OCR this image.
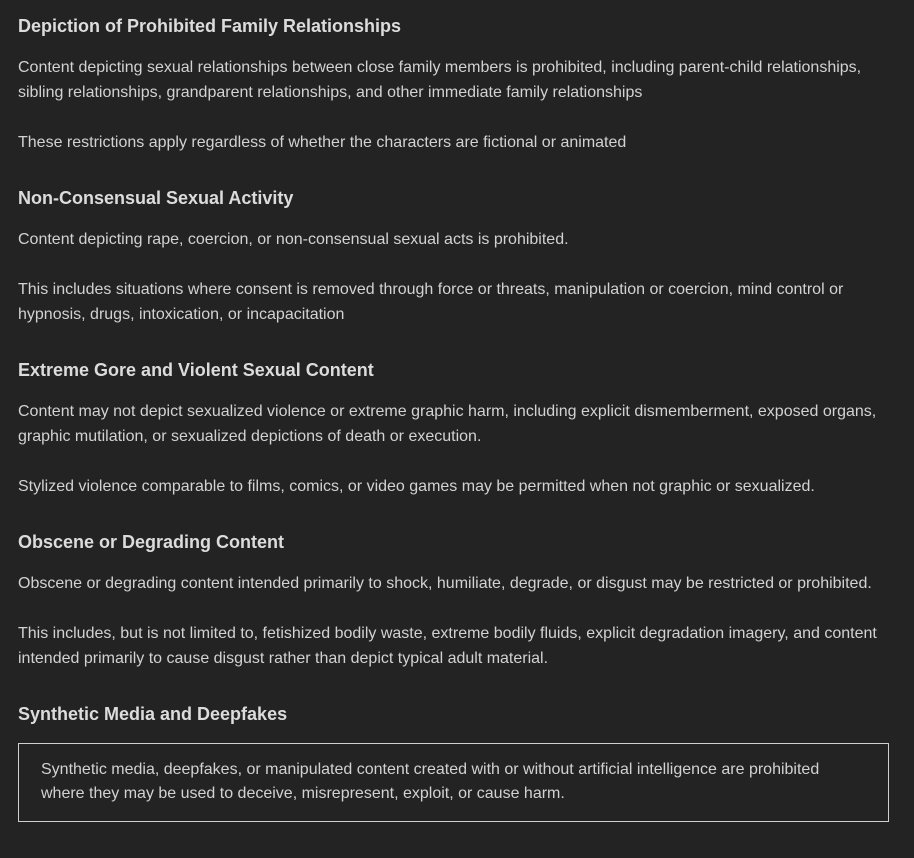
Depiction of Prohibited Family Relationships

Content depicting sexual relationships between close family members is prohibited, including parent-child relationships, sibling relationships, grandparent relationships, and other immediate family relationships

These restrictions apply regardless of whether the characters are fictional or animated

Non-Consensual Sexual Activity

Content depicting rape, coercion, or non-consensual sexual acts is prohibited.

This includes situations where consent is removed through force or threats, manipulation or coercion, mind control or hypnosis, drugs, intoxication, or incapacitation

Extreme Gore and Violent Sexual Content

Content may not depict sexualized violence or extreme graphic harm, including explicit dismemberment, exposed organs, graphic mutilation, or sexualized depictions of death or execution.

Stylized violence comparable to films, comics, or video games may be permitted when not graphic or sexualized.

Obscene or Degrading Content

Obscene or degrading content intended primarily to shock, humiliate, degrade, or disgust may be restricted or prohibited.

This includes, but is not limited to, fetishized bodily waste, extreme bodily fluids, explicit degradation imagery, and content intended primarily to cause disgust rather than depict typical adult material.

Synthetic Media and Deepfakes

Synthetic media, deepfakes, or manipulated content created with or without artificial intelligence are prohibited where they may be used to deceive, misrepresent, exploit, or cause harm.
